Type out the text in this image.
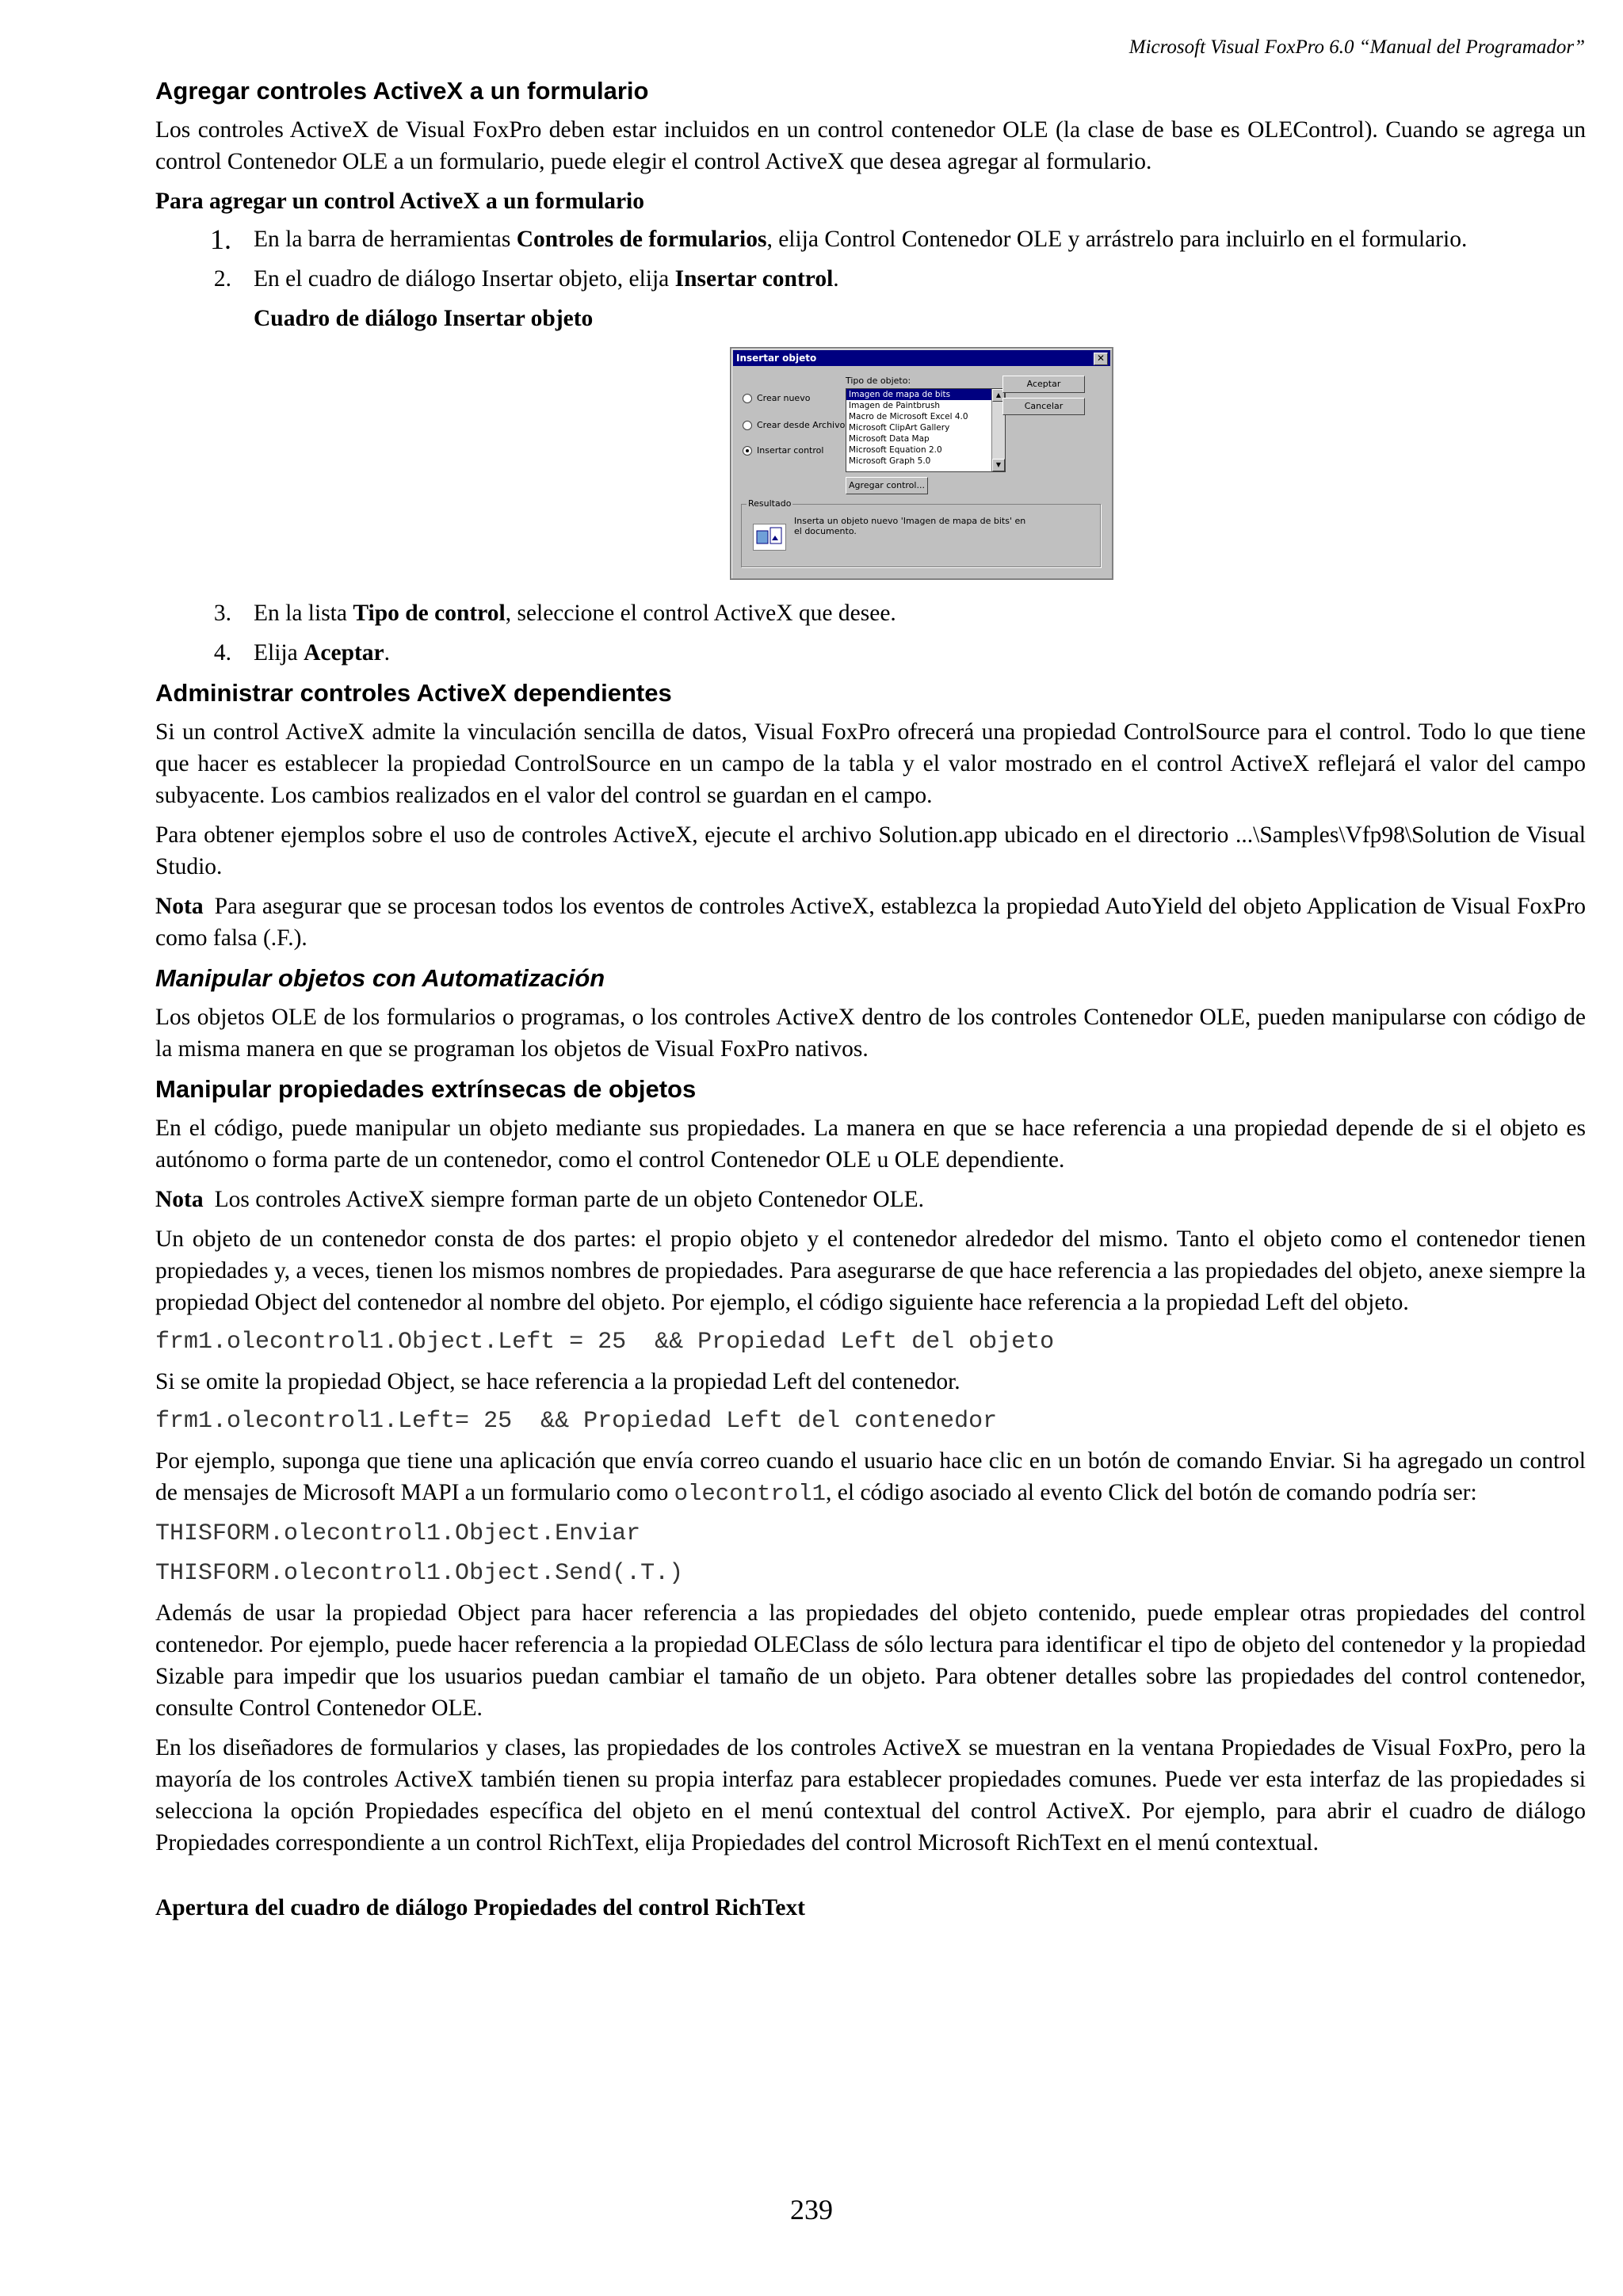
Microsoft Visual FoxPro 6.0 “Manual del Programador”
Agregar controles ActiveX a un formulario

Los controles ActiveX de Visual FoxPro deben estar incluidos en un control contenedor OLE (la clase de base es OLEControl). Cuando se agrega un control Contenedor OLE a un formulario, puede elegir el control ActiveX que desea agregar al formulario.

Para agregar un control ActiveX a un formulario
1. En la barra de herramientas Controles de formularios, elija Control Contenedor OLE y arrástrelo para incluirlo en el formulario.
2. En el cuadro de diálogo Insertar objeto, elija Insertar control.
Cuadro de diálogo Insertar objeto
Insertar objeto	✕
Crear nuevo
Crear desde Archivo
Insertar control
Tipo de objeto:
Imagen de mapa de bits
Imagen de Paintbrush
Macro de Microsoft Excel 4.0
Microsoft ClipArt Gallery
Microsoft Data Map
Microsoft Equation 2.0
Microsoft Graph 5.0
▲
▼
Aceptar
Cancelar
Agregar control...
Resultado
Inserta un objeto nuevo 'Imagen de mapa de bits' en el documento.
3. En la lista Tipo de control, seleccione el control ActiveX que desee.
4. Elija Aceptar.
Administrar controles ActiveX dependientes

Si un control ActiveX admite la vinculación sencilla de datos, Visual FoxPro ofrecerá una propiedad ControlSource para el control. Todo lo que tiene que hacer es establecer la propiedad ControlSource en un campo de la tabla y el valor mostrado en el control ActiveX reflejará el valor del campo subyacente. Los cambios realizados en el valor del control se guardan en el campo.

Para obtener ejemplos sobre el uso de controles ActiveX, ejecute el archivo Solution.app ubicado en el directorio ...\Samples\Vfp98\Solution de Visual Studio.

Nota Para asegurar que se procesan todos los eventos de controles ActiveX, establezca la propiedad AutoYield del objeto Application de Visual FoxPro como falsa (.F.).

Manipular objetos con Automatización

Los objetos OLE de los formularios o programas, o los controles ActiveX dentro de los controles Contenedor OLE, pueden manipularse con código de la misma manera en que se programan los objetos de Visual FoxPro nativos.

Manipular propiedades extrínsecas de objetos

En el código, puede manipular un objeto mediante sus propiedades. La manera en que se hace referencia a una propiedad depende de si el objeto es autónomo o forma parte de un contenedor, como el control Contenedor OLE u OLE dependiente.

Nota Los controles ActiveX siempre forman parte de un objeto Contenedor OLE.

Un objeto de un contenedor consta de dos partes: el propio objeto y el contenedor alrededor del mismo. Tanto el objeto como el contenedor tienen propiedades y, a veces, tienen los mismos nombres de propiedades. Para asegurarse de que hace referencia a las propiedades del objeto, anexe siempre la propiedad Object del contenedor al nombre del objeto. Por ejemplo, el código siguiente hace referencia a la propiedad Left del objeto.

frm1.olecontrol1.Object.Left = 25  && Propiedad Left del objeto

Si se omite la propiedad Object, se hace referencia a la propiedad Left del contenedor.

frm1.olecontrol1.Left= 25  && Propiedad Left del contenedor

Por ejemplo, suponga que tiene una aplicación que envía correo cuando el usuario hace clic en un botón de comando Enviar. Si ha agregado un control de mensajes de Microsoft MAPI a un formulario como olecontrol1, el código asociado al evento Click del botón de comando podría ser:

THISFORM.olecontrol1.Object.Enviar
THISFORM.olecontrol1.Object.Send(.T.)

Además de usar la propiedad Object para hacer referencia a las propiedades del objeto contenido, puede emplear otras propiedades del control contenedor. Por ejemplo, puede hacer referencia a la propiedad OLEClass de sólo lectura para identificar el tipo de objeto del contenedor y la propiedad Sizable para impedir que los usuarios puedan cambiar el tamaño de un objeto. Para obtener detalles sobre las propiedades del control contenedor, consulte Control Contenedor OLE.

En los diseñadores de formularios y clases, las propiedades de los controles ActiveX se muestran en la ventana Propiedades de Visual FoxPro, pero la mayoría de los controles ActiveX también tienen su propia interfaz para establecer propiedades comunes. Puede ver esta interfaz de las propiedades si selecciona la opción Propiedades específica del objeto en el menú contextual del control ActiveX. Por ejemplo, para abrir el cuadro de diálogo Propiedades correspondiente a un control RichText, elija Propiedades del control Microsoft RichText en el menú contextual.

Apertura del cuadro de diálogo Propiedades del control RichText
239
